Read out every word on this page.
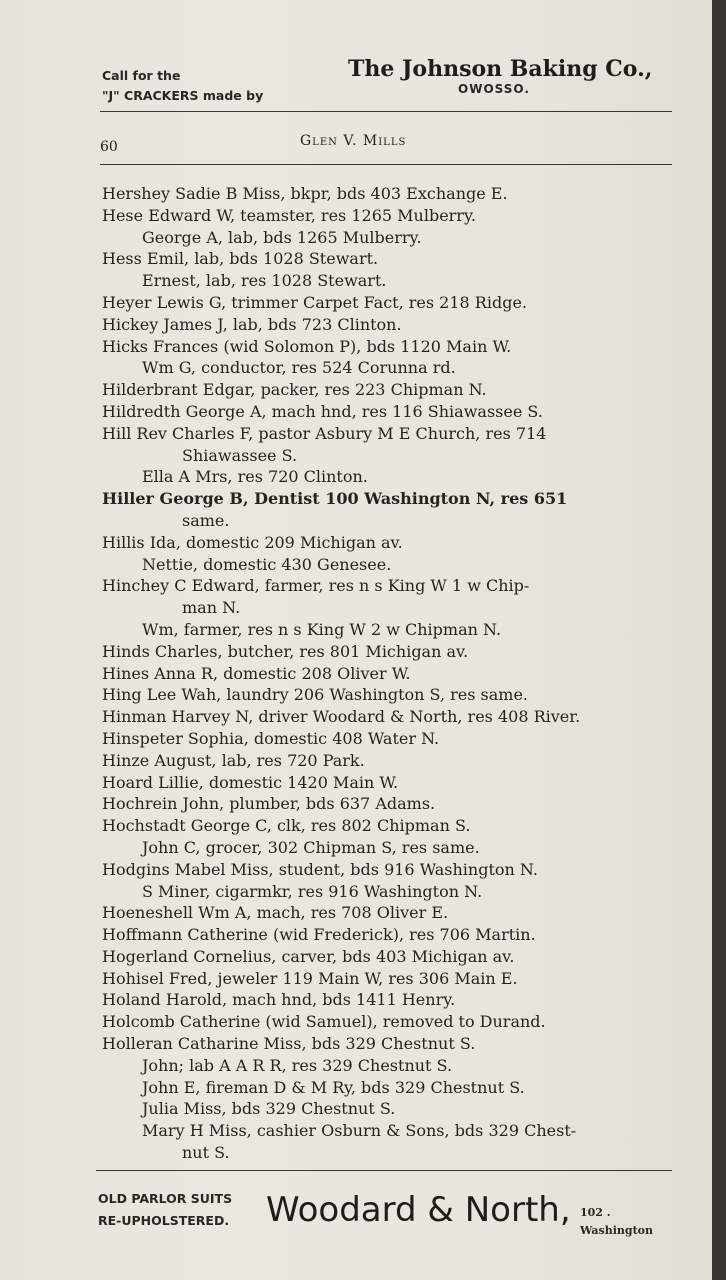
Call for the
"J" CRACKERS made by
The Johnson Baking Co.,
OWOSSO.
60	Glen V. Mills
Hershey Sadie B Miss, bkpr, bds 403 Exchange E.
Hese Edward W, teamster, res 1265 Mulberry.
George A, lab, bds 1265 Mulberry.
Hess Emil, lab, bds 1028 Stewart.
Ernest, lab, res 1028 Stewart.
Heyer Lewis G, trimmer Carpet Fact, res 218 Ridge.
Hickey James J, lab, bds 723 Clinton.
Hicks Frances (wid Solomon P), bds 1120 Main W.
Wm G, conductor, res 524 Corunna rd.
Hilderbrant Edgar, packer, res 223 Chipman N.
Hildredth George A, mach hnd, res 116 Shiawassee S.
Hill Rev Charles F, pastor Asbury M E Church, res 714
Shiawassee S.
Ella A Mrs, res 720 Clinton.
Hiller George B, Dentist 100 Washington N, res 651
same.
Hillis Ida, domestic 209 Michigan av.
Nettie, domestic 430 Genesee.
Hinchey C Edward, farmer, res n s King W 1 w Chip-
man N.
Wm, farmer, res n s King W 2 w Chipman N.
Hinds Charles, butcher, res 801 Michigan av.
Hines Anna R, domestic 208 Oliver W.
Hing Lee Wah, laundry 206 Washington S, res same.
Hinman Harvey N, driver Woodard & North, res 408 River.
Hinspeter Sophia, domestic 408 Water N.
Hinze August, lab, res 720 Park.
Hoard Lillie, domestic 1420 Main W.
Hochrein John, plumber, bds 637 Adams.
Hochstadt George C, clk, res 802 Chipman S.
John C, grocer, 302 Chipman S, res same.
Hodgins Mabel Miss, student, bds 916 Washington N.
S Miner, cigarmkr, res 916 Washington N.
Hoeneshell Wm A, mach, res 708 Oliver E.
Hoffmann Catherine (wid Frederick), res 706 Martin.
Hogerland Cornelius, carver, bds 403 Michigan av.
Hohisel Fred, jeweler 119 Main W, res 306 Main E.
Holand Harold, mach hnd, bds 1411 Henry.
Holcomb Catherine (wid Samuel), removed to Durand.
Holleran Catharine Miss, bds 329 Chestnut S.
John; lab A A R R, res 329 Chestnut S.
John E, fireman D & M Ry, bds 329 Chestnut S.
Julia Miss, bds 329 Chestnut S.
Mary H Miss, cashier Osburn & Sons, bds 329 Chest-
nut S.
OLD PARLOR SUITS
RE-UPHOLSTERED. Woodard & North, 102 .
Washington
